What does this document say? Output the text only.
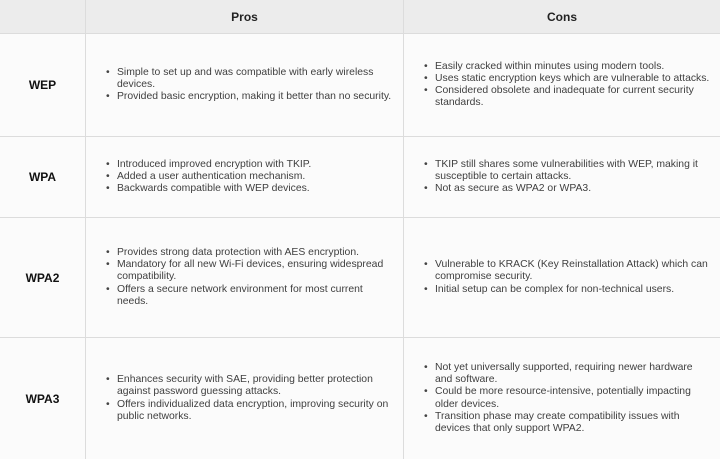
Pros	Cons
WEP
• Simple to set up and was compatible with early wireless devices.
• Provided basic encryption, making it better than no security.
• Easily cracked within minutes using modern tools.
• Uses static encryption keys which are vulnerable to attacks.
• Considered obsolete and inadequate for current security standards.
WPA
• Introduced improved encryption with TKIP.
• Added a user authentication mechanism.
• Backwards compatible with WEP devices.
• TKIP still shares some vulnerabilities with WEP, making it susceptible to certain attacks.
• Not as secure as WPA2 or WPA3.
WPA2
• Provides strong data protection with AES encryption.
• Mandatory for all new Wi-Fi devices, ensuring widespread compatibility.
• Offers a secure network environment for most current needs.
• Vulnerable to KRACK (Key Reinstallation Attack) which can compromise security.
• Initial setup can be complex for non-technical users.
WPA3
• Enhances security with SAE, providing better protection against password guessing attacks.
• Offers individualized data encryption, improving security on public networks.
• Not yet universally supported, requiring newer hardware and software.
• Could be more resource-intensive, potentially impacting older devices.
• Transition phase may create compatibility issues with devices that only support WPA2.
